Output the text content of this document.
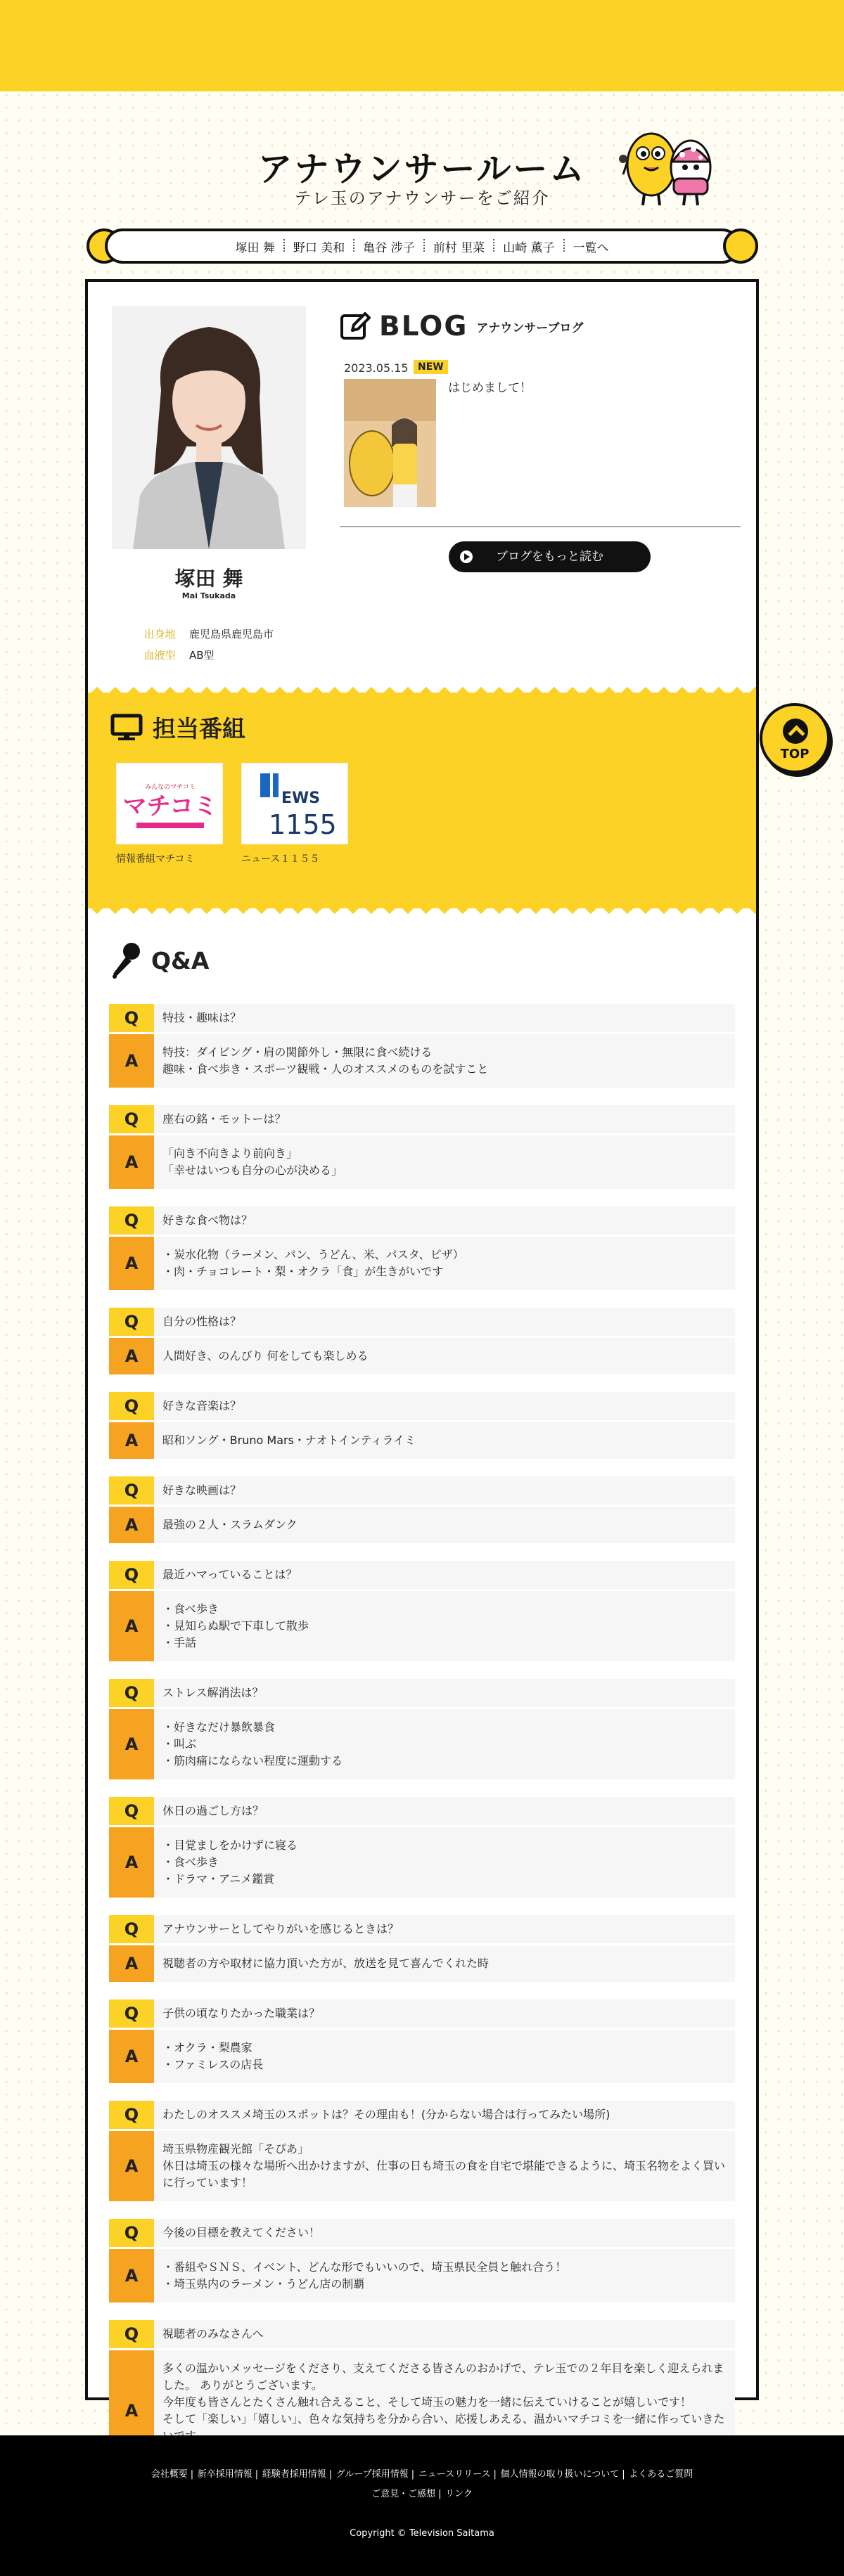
アナウンサールーム

テレ玉のアナウンサーをご紹介

塚田 舞	野口 美和	亀谷 涉子	前村 里菜	山崎 薫子	一覧へ
塚田 舞
Mai Tsukada
出身地 鹿児島県鹿児島市
血液型 AB型
BLOG アナウンサーブログ
2023.05.15 NEW
はじめまして！
ブログをもっと読む
担当番組
みんなのマチコミ
マチコミ
情報番組マチコミ
EWS
1155
ニュース１１５５
Q&A
Q	特技・趣味は？
A	特技：ダイビング・肩の関節外し・無限に食べ続ける
趣味・食べ歩き・スポーツ観戦・人のオススメのものを試すこと
Q	座右の銘・モットーは？
A	「向き不向きより前向き」
「幸せはいつも自分の心が決める」
Q	好きな食べ物は？
A	・炭水化物（ラーメン、パン、うどん、米、パスタ、ピザ）
・肉・チョコレート・梨・オクラ「食」が生きがいです
Q	自分の性格は？
A	人間好き、のんびり 何をしても楽しめる
Q	好きな音楽は？
A	昭和ソング・Bruno Mars・ナオトインティライミ
Q	好きな映画は？
A	最強の２人・スラムダンク
Q	最近ハマっていることは？
A
・食べ歩き
・見知らぬ駅で下車して散歩
・手話
Q	ストレス解消法は？
A
・好きなだけ暴飲暴食
・叫ぶ
・筋肉痛にならない程度に運動する
Q	休日の過ごし方は？
A
・目覚ましをかけずに寝る
・食べ歩き
・ドラマ・アニメ鑑賞
Q	アナウンサーとしてやりがいを感じるときは？
A	視聴者の方や取材に協力頂いた方が、放送を見て喜んでくれた時
Q	子供の頃なりたかった職業は？
A	・オクラ・梨農家
・ファミレスの店長
Q	わたしのオススメ埼玉のスポットは？その理由も！(分からない場合は行ってみたい場所)
A
埼玉県物産観光館「そぴあ」
休日は埼玉の様々な場所へ出かけますが、仕事の日も埼玉の食を自宅で堪能できるように、埼玉名物をよく買いに行っています！
Q	今後の目標を教えてください！
A	・番組やＳＮＳ、イベント、どんな形でもいいので、埼玉県民全員と触れ合う！
・埼玉県内のラーメン・うどん店の制覇
Q	視聴者のみなさんへ
A
多くの温かいメッセージをくださり、支えてくださる皆さんのおかげで、テレ玉での２年目を楽しく迎えられました。 ありがとうございます。
今年度も皆さんとたくさん触れ合えること、そして埼玉の魅力を一緒に伝えていけることが嬉しいです！
そして「楽しい」「嬉しい」、色々な気持ちを分から合い、応援しあえる、温かいマチコミを一緒に作っていきた

TOP
会社概要 | 新卒採用情報 | 経験者採用情報 | グループ採用情報 | ニュースリリース | 個人情報の取り扱いについて | よくあるご質問
ご意見・ご感想 | リンク
Copyright © Television Saitama
